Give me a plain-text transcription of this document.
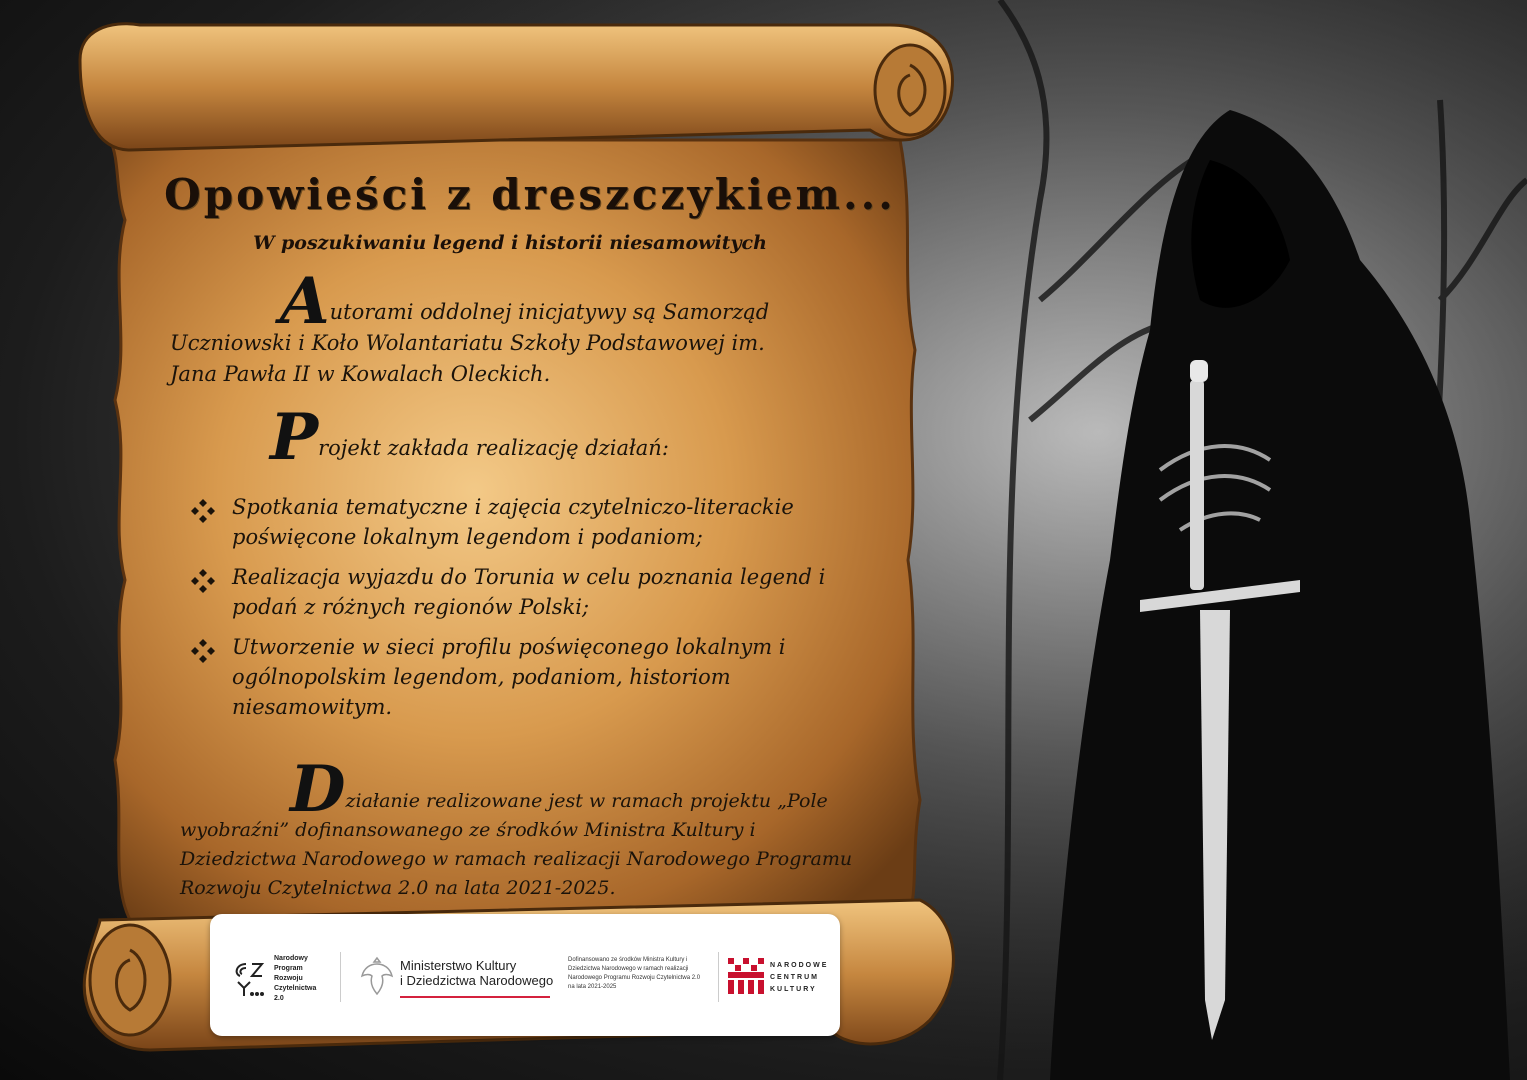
Opowieści z dreszczykiem...
W poszukiwaniu legend i historii niesamowitych
Autorami oddolnej inicjatywy są Samorząd Uczniowski i Koło Wolantariatu Szkoły Podstawowej im. Jana Pawła II w Kowalach Oleckich.
Projekt zakłada realizację działań:
Spotkania tematyczne i zajęcia czytelniczo-literackie poświęcone lokalnym legendom i podaniom;
Realizacja wyjazdu do Torunia w celu poznania legend i podań z różnych regionów Polski;
Utworzenie w sieci profilu poświęconego lokalnym i ogólnopolskim legendom, podaniom, historiom niesamowitym.
Działanie realizowane jest w ramach projektu „Pole wyobraźni” dofinansowanego ze środków Ministra Kultury i Dziedzictwa Narodowego w ramach realizacji Narodowego Programu Rozwoju Czytelnictwa 2.0 na lata 2021-2025.
Narodowy
Program
Rozwoju
Czytelnictwa
2.0
Ministerstwo Kultury
i Dziedzictwa Narodowego
Dofinansowano ze środków Ministra Kultury i Dziedzictwa Narodowego w ramach realizacji Narodowego Programu Rozwoju Czytelnictwa 2.0 na lata 2021-2025
NARODOWE
CENTRUM
KULTURY
